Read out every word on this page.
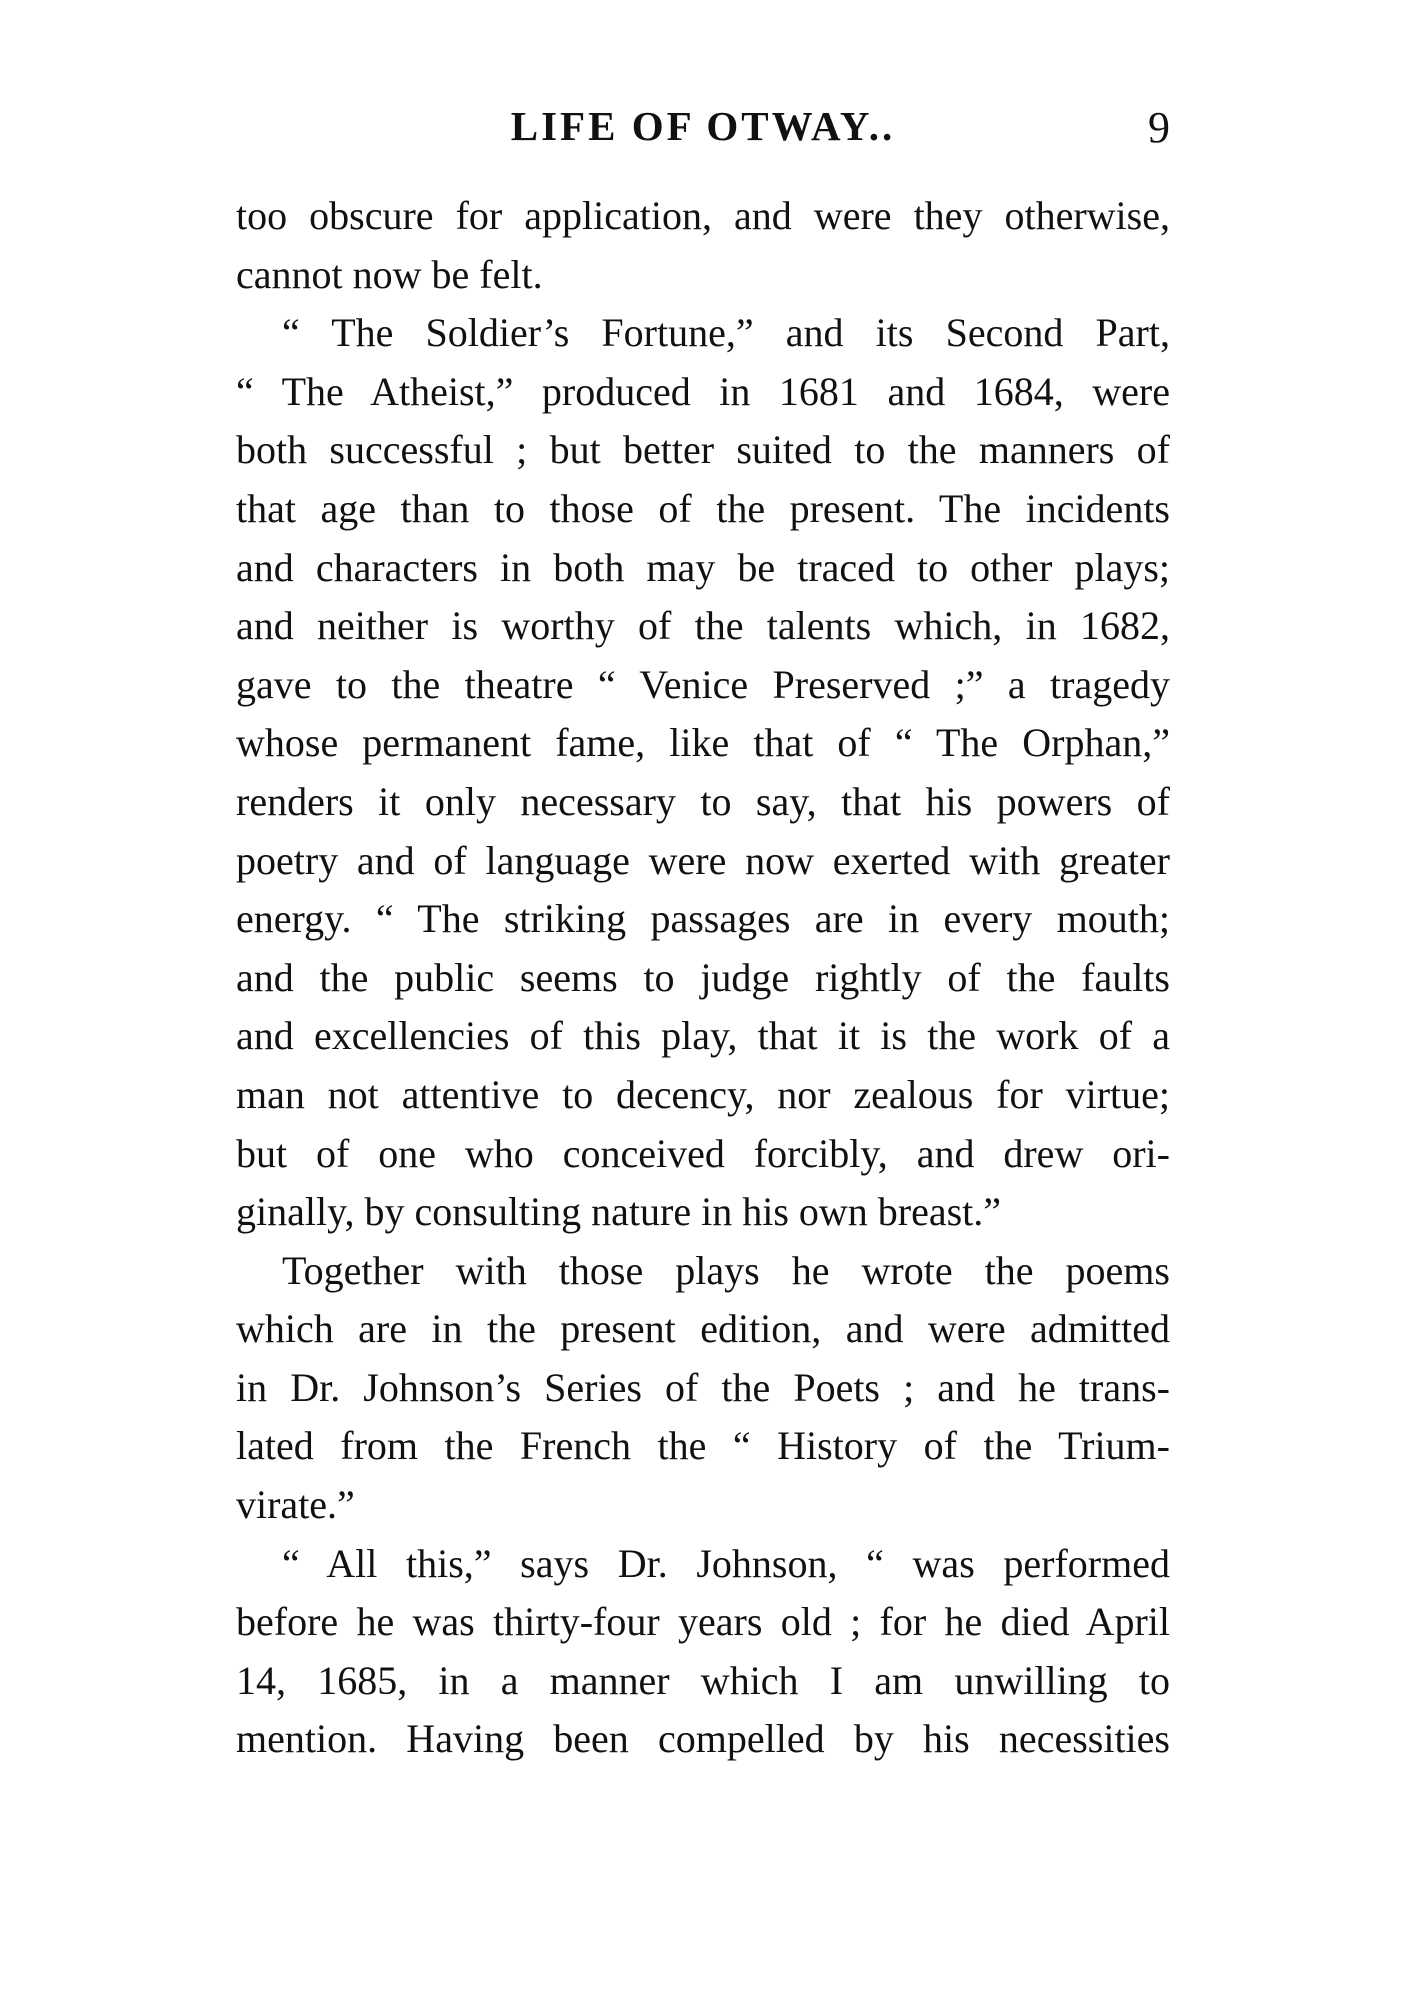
LIFE OF OTWAY..	9
too obscure for application, and were they otherwise,
cannot now be felt.
“ The Soldier’s Fortune,” and its Second Part,
“ The Atheist,” produced in 1681 and 1684, were
both successful ; but better suited to the manners of
that age than to those of the present. The incidents
and characters in both may be traced to other plays;
and neither is worthy of the talents which, in 1682,
gave to the theatre “ Venice Preserved ;” a tragedy
whose permanent fame, like that of “ The Orphan,”
renders it only necessary to say, that his powers of
poetry and of language were now exerted with greater
energy. “ The striking passages are in every mouth;
and the public seems to judge rightly of the faults
and excellencies of this play, that it is the work of a
man not attentive to decency, nor zealous for virtue;
but of one who conceived forcibly, and drew ori-
ginally, by consulting nature in his own breast.”
Together with those plays he wrote the poems
which are in the present edition, and were admitted
in Dr. Johnson’s Series of the Poets ; and he trans-
lated from the French the “ History of the Trium-
virate.”
“ All this,” says Dr. Johnson, “ was performed
before he was thirty-four years old ; for he died April
14, 1685, in a manner which I am unwilling to
mention. Having been compelled by his necessities
